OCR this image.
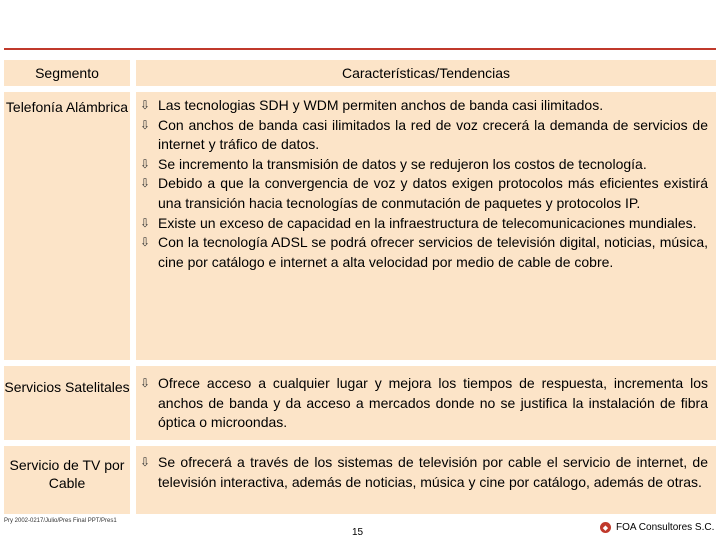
Segmento	Características/Tendencias
Telefonía Alámbrica ⇩ Las tecnologias SDH y WDM permiten anchos de banda casi ilimitados.
⇩ Con anchos de banda casi ilimitados la red de voz crecerá la demanda de servicios de internet y tráfico de datos.
⇩ Se incremento la transmisión de datos y se redujeron los costos de tecnología.
⇩ Debido a que la convergencia de voz y datos exigen protocolos más eficientes existirá una transición hacia tecnologías de conmutación de paquetes y protocolos IP.
⇩ Existe un exceso de capacidad en la infraestructura de telecomunicaciones mundiales.
⇩ Con la tecnología ADSL se podrá ofrecer servicios de televisión digital, noticias, música, cine por catálogo e internet a alta velocidad por medio de cable de cobre.
Servicios Satelitales ⇩ Ofrece acceso a cualquier lugar y mejora los tiempos de respuesta, incrementa los anchos de banda y da acceso a mercados donde no se justifica la instalación de fibra óptica o microondas.
Servicio de TV por Cable
⇩ Se ofrecerá a través de los sistemas de televisión por cable el servicio de internet, de televisión interactiva, además de noticias, música y cine por catálogo, además de otras.
Pry 2002-0217/Julio/Pres Final PPT/Pres1
15	◆ FOA Consultores S.C.
